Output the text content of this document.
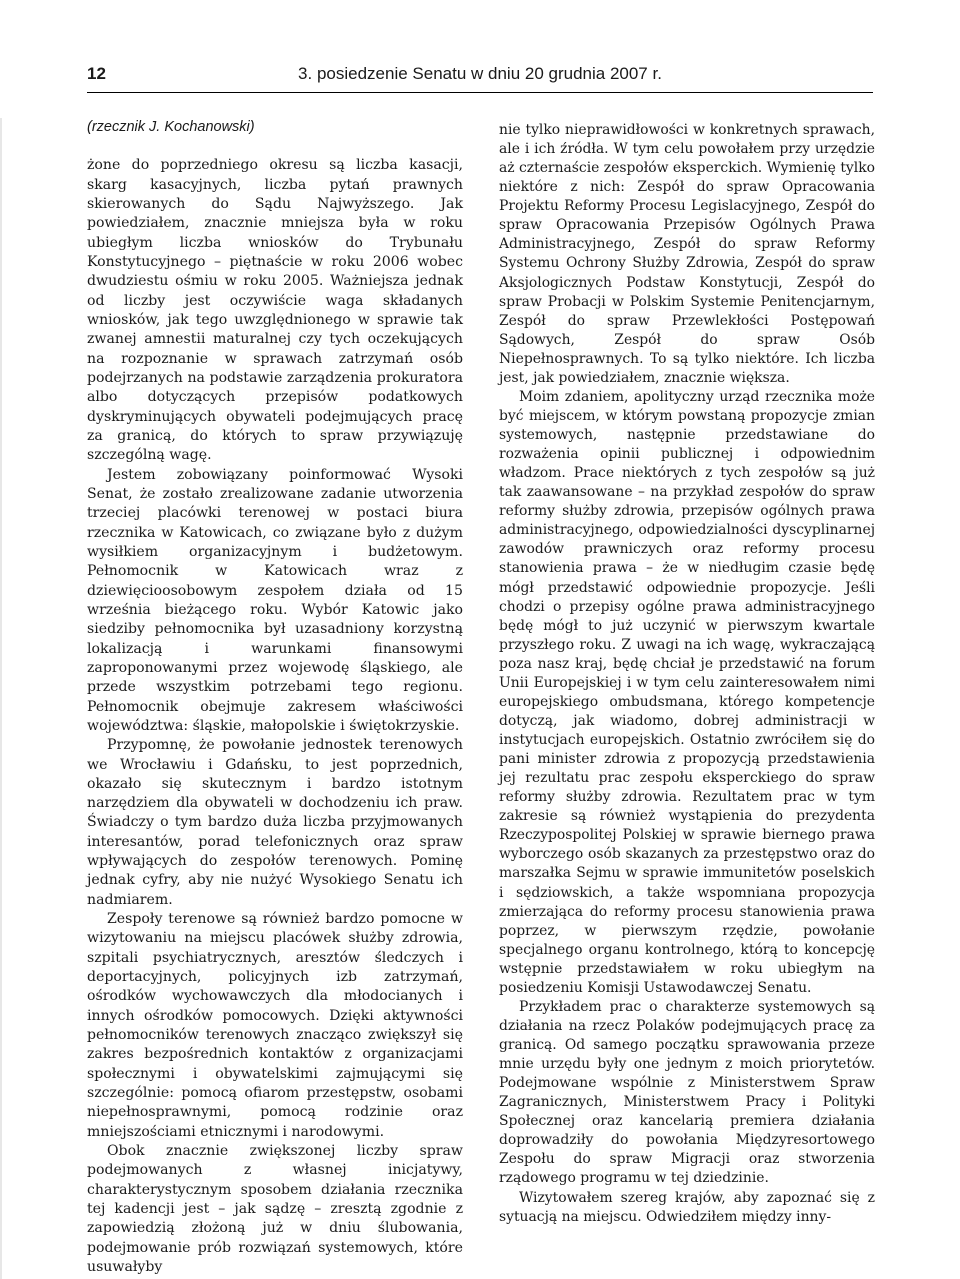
12	3. posiedzenie Senatu w dniu 20 grudnia 2007 r.
(rzecznik J. Kochanowski)

żone do poprzedniego okresu są liczba kasacji, skarg kasacyjnych, liczba pytań prawnych skierowanych do Sądu Najwyższego. Jak powiedziałem, znacznie mniejsza była w roku ubiegłym liczba wniosków do Trybunału Konstytucyjnego – piętnaście w roku 2006 wobec dwudziestu ośmiu w roku 2005. Ważniejsza jednak od liczby jest oczywiście waga składanych wniosków, jak tego uwzględnionego w sprawie tak zwanej amnestii maturalnej czy tych oczekujących na rozpoznanie w sprawach zatrzymań osób podejrzanych na podstawie zarządzenia prokuratora albo dotyczących przepisów podatkowych dyskryminujących obywateli podejmujących pracę za granicą, do których to spraw przywiązuję szczególną wagę.

Jestem zobowiązany poinformować Wysoki Senat, że zostało zrealizowane zadanie utworzenia trzeciej placówki terenowej w postaci biura rzecznika w Katowicach, co związane było z dużym wysiłkiem organizacyjnym i budżetowym. Pełnomocnik w Katowicach wraz z dziewięcioosobowym zespołem działa od 15 września bieżącego roku. Wybór Katowic jako siedziby pełnomocnika był uzasadniony korzystną lokalizacją i warunkami finansowymi zaproponowanymi przez wojewodę śląskiego, ale przede wszystkim potrzebami tego regionu. Pełnomocnik obejmuje zakresem właściwości województwa: śląskie, małopolskie i świętokrzyskie.

Przypomnę, że powołanie jednostek terenowych we Wrocławiu i Gdańsku, to jest poprzednich, okazało się skutecznym i bardzo istotnym narzędziem dla obywateli w dochodzeniu ich praw. Świadczy o tym bardzo duża liczba przyjmowanych interesantów, porad telefonicznych oraz spraw wpływających do zespołów terenowych. Pominę jednak cyfry, aby nie nużyć Wysokiego Senatu ich nadmiarem.

Zespoły terenowe są również bardzo pomocne w wizytowaniu na miejscu placówek służby zdrowia, szpitali psychiatrycznych, aresztów śledczych i deportacyjnych, policyjnych izb zatrzymań, ośrodków wychowawczych dla młodocianych i innych ośrodków pomocowych. Dzięki aktywności pełnomocników terenowych znacząco zwiększył się zakres bezpośrednich kontaktów z organizacjami społecznymi i obywatelskimi zajmującymi się szczególnie: pomocą ofiarom przestępstw, osobami niepełnosprawnymi, pomocą rodzinie oraz mniejszościami etnicznymi i narodowymi.

Obok znacznie zwiększonej liczby spraw podejmowanych z własnej inicjatywy, charakterystycznym sposobem działania rzecznika tej kadencji jest – jak sądzę – zresztą zgodnie z zapowiedzią złożoną już w dniu ślubowania, podejmowanie prób rozwiązań systemowych, które usuwałyby

nie tylko nieprawidłowości w konkretnych sprawach, ale i ich źródła. W tym celu powołałem przy urzędzie aż czternaście zespołów eksperckich. Wymienię tylko niektóre z nich: Zespół do spraw Opracowania Projektu Reformy Procesu Legislacyjnego, Zespół do spraw Opracowania Przepisów Ogólnych Prawa Administracyjnego, Zespół do spraw Reformy Systemu Ochrony Służby Zdrowia, Zespół do spraw Aksjologicznych Podstaw Konstytucji, Zespół do spraw Probacji w Polskim Systemie Penitencjarnym, Zespół do spraw Przewlekłości Postępowań Sądowych, Zespół do spraw Osób Niepełnosprawnych. To są tylko niektóre. Ich liczba jest, jak powiedziałem, znacznie większa.

Moim zdaniem, apolityczny urząd rzecznika może być miejscem, w którym powstaną propozycje zmian systemowych, następnie przedstawiane do rozważenia opinii publicznej i odpowiednim władzom. Prace niektórych z tych zespołów są już tak zaawansowane – na przykład zespołów do spraw reformy służby zdrowia, przepisów ogólnych prawa administracyjnego, odpowiedzialności dyscyplinarnej zawodów prawniczych oraz reformy procesu stanowienia prawa – że w niedługim czasie będę mógł przedstawić odpowiednie propozycje. Jeśli chodzi o przepisy ogólne prawa administracyjnego będę mógł to już uczynić w pierwszym kwartale przyszłego roku. Z uwagi na ich wagę, wykraczającą poza nasz kraj, będę chciał je przedstawić na forum Unii Europejskiej i w tym celu zainteresowałem nimi europejskiego ombudsmana, którego kompetencje dotyczą, jak wiadomo, dobrej administracji w instytucjach europejskich. Ostatnio zwróciłem się do pani minister zdrowia z propozycją przedstawienia jej rezultatu prac zespołu eksperckiego do spraw reformy służby zdrowia. Rezultatem prac w tym zakresie są również wystąpienia do prezydenta Rzeczypospolitej Polskiej w sprawie biernego prawa wyborczego osób skazanych za przestępstwo oraz do marszałka Sejmu w sprawie immunitetów poselskich i sędziowskich, a także wspomniana propozycja zmierzająca do reformy procesu stanowienia prawa poprzez, w pierwszym rzędzie, powołanie specjalnego organu kontrolnego, którą to koncepcję wstępnie przedstawiałem w roku ubiegłym na posiedzeniu Komisji Ustawodawczej Senatu.

Przykładem prac o charakterze systemowych są działania na rzecz Polaków podejmujących pracę za granicą. Od samego początku sprawowania przeze mnie urzędu były one jednym z moich priorytetów. Podejmowane wspólnie z Ministerstwem Spraw Zagranicznych, Ministerstwem Pracy i Polityki Społecznej oraz kancelarią premiera działania doprowadziły do powołania Międzyresortowego Zespołu do spraw Migracji oraz stworzenia rządowego programu w tej dziedzinie.

Wizytowałem szereg krajów, aby zapoznać się z sytuacją na miejscu. Odwiedziłem między inny-
